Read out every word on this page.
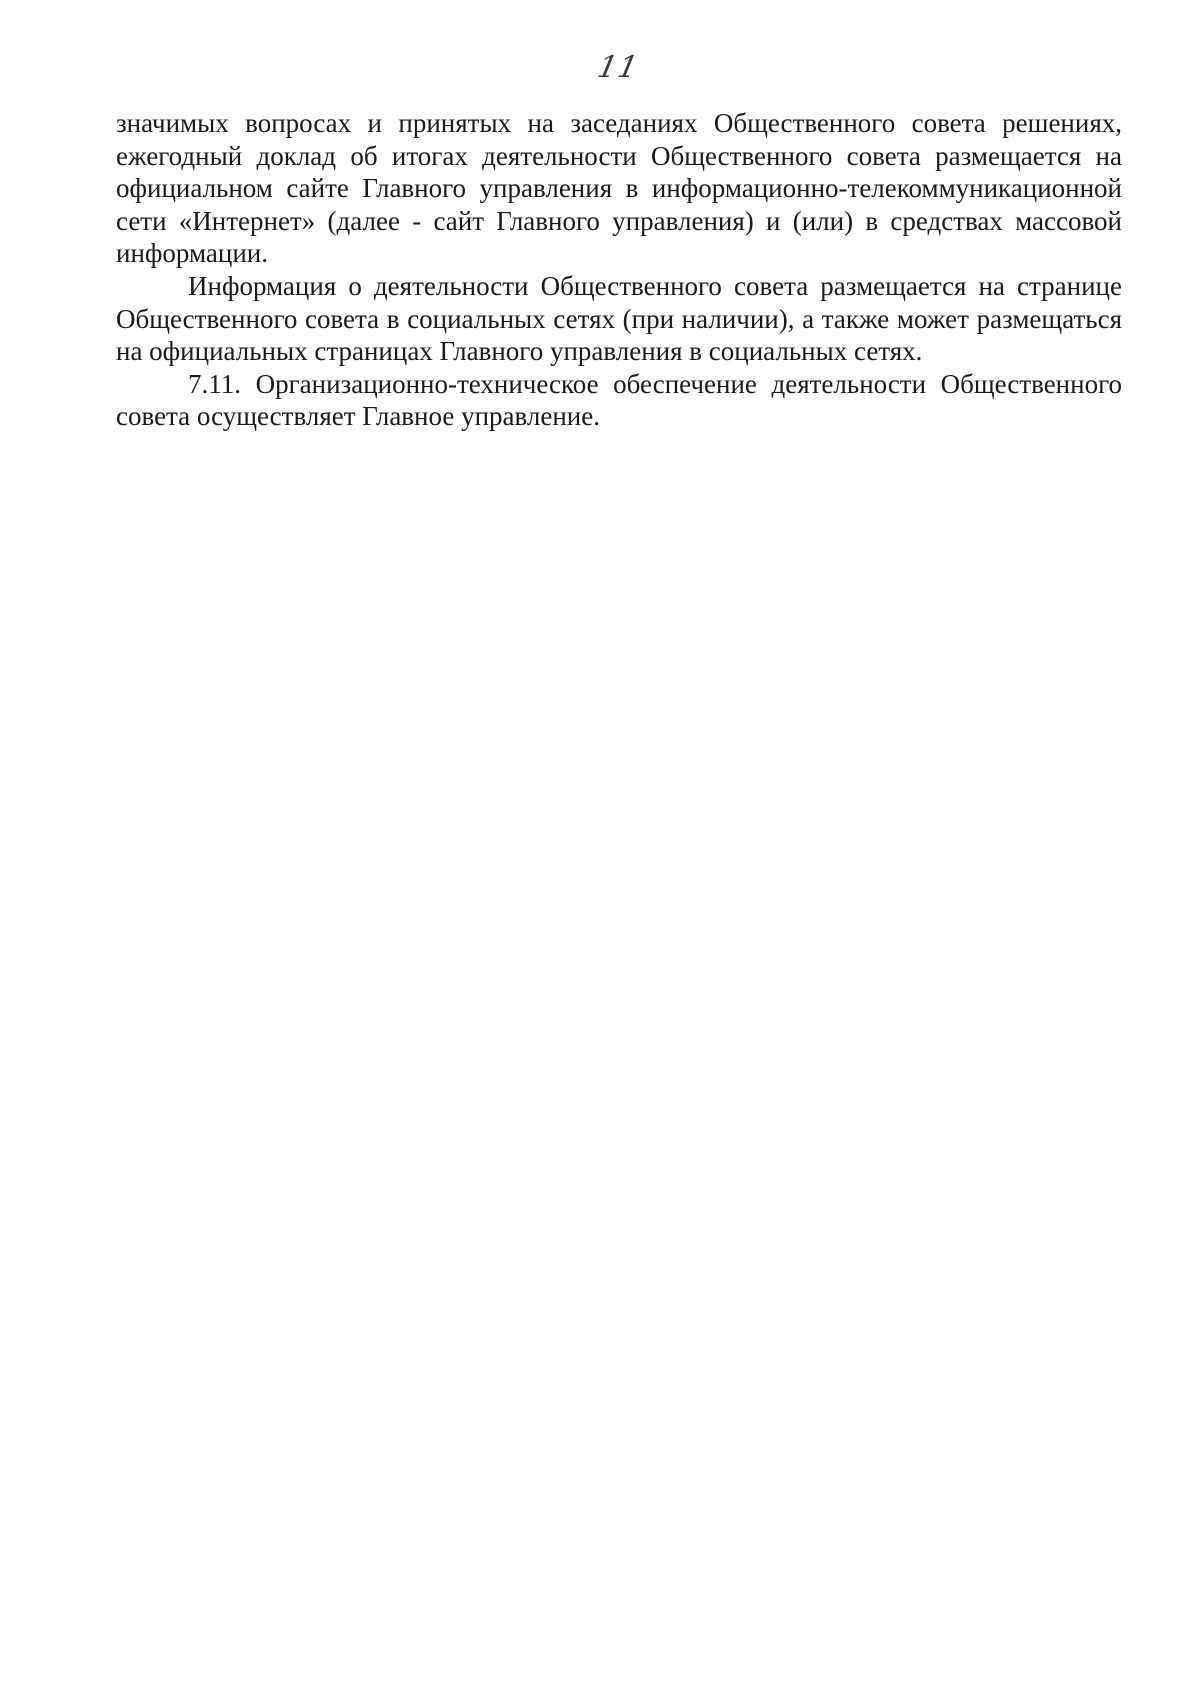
11

значимых вопросах и принятых на заседаниях Общественного совета решениях, ежегодный доклад об итогах деятельности Общественного совета размещается на официальном сайте Главного управления в информационно-телекоммуникационной сети «Интернет» (далее - сайт Главного управления) и (или) в средствах массовой информации.

Информация о деятельности Общественного совета размещается на странице Общественного совета в социальных сетях (при наличии), а также может размещаться на официальных страницах Главного управления в социальных сетях.

7.11. Организационно-техническое обеспечение деятельности Общественного совета осуществляет Главное управление.
